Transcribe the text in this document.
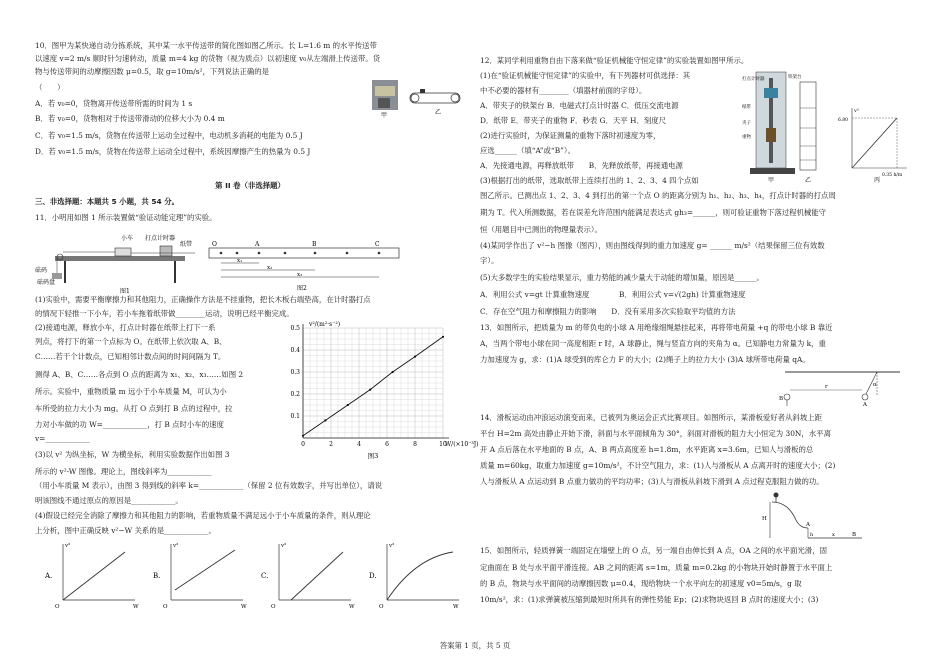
10．图甲为某快递自动分拣系统，其中某一水平传送带的简化图如图乙所示。长 L=1.6 m 的水平传送带

以速度 v=2 m/s 顺时针匀速转动，质量 m=4 kg 的货物（视为质点）以初速度 v₀从左端滑上传送带。货

物与传送带间的动摩擦因数 μ=0.5，取 g=10m/s²，下列说法正确的是

（　　）

A．若 v₀=0，货物离开传送带所需的时间为 1 s

B．若 v₀=0，货物相对于传送带滑动的位移大小为 0.4 m

C．若 v₀=1.5 m/s，货物在传送带上运动全过程中，电动机多消耗的电能为 0.5 J

D．若 v₀=1.5 m/s，货物在传送带上运动全过程中，系统因摩擦产生的热量为 0.5 J

甲	乙

第 II 卷（非选择题）

三、非选择题：本题共 5 小题，共 54 分。

11．小明用如图 1 所示装置做“验证动能定理”的实验。

小车 打点计时器
纸带
砝码
砝码盘
图1
O	A	B	C
x₁
x₂
x₃
图2

(1)实验中，需要平衡摩擦力和其他阻力，正确操作方法是不挂重物，把长木板右端垫高，在计时器打点

的情况下轻推一下小车，若小车拖着纸带做________运动，说明已经平衡完成。

(2)接通电源，释放小车，打点计时器在纸带上打下一系

列点，将打下的第一个点标为 O。在纸带上依次取 A、B、

C……若干个计数点，已知相邻计数点间的时间间隔为 T。

测得 A、B、C……各点到 O 点的距离为 x₁、x₂、x₃……如图 2

所示。实验中，重物质量 m 远小于小车质量 M，可认为小

车所受的拉力大小为 mg。从打 O 点到打 B 点的过程中，拉

力对小车做的功 W=____________，打 B 点时小车的速度

v=____________

(3)以 v² 为纵坐标，W 为横坐标，利用实验数据作出如图 3

所示的 v²-W 图像。理论上，图线斜率为____________

（用小车质量 M 表示），由图 3 得到线的斜率 k=____________（保留 2 位有效数字，并写出单位），请说

明该图线不通过原点的原因是____________。

(4)假设已经完全消除了摩擦力和其他阻力的影响，若重物质量不满足远小于小车质量的条件，则从理论

上分析，图中正确反映 v²−W 关系的是____________。

0	2	4	6	8	10
0.1
0.2
0.3
0.4
0.5
v²/(m²·s⁻²)
W/(×10⁻³J)
图3
A.
O	W
v²
B.
O	W
v²
C.
O	W
v²
D.
O	W
v²

12．某同学利用重物自由下落来做“验证机械能守恒定律”的实验装置如图甲所示。

(1)在“验证机械能守恒定律”的实验中，有下列器材可供选择：其

中不必要的器材有________（填器材前面的字母）。

A．带夹子的铁架台 B．电磁式打点计时器 C．低压交流电源

D．纸带 E．带夹子的重物 F．秒表 G．天平 H．刻度尺

(2)进行实验时，为保证测量的重物下落时初速度为零，

应选______（填“A”或“B”）。

A．先接通电源，再释放纸带　　B．先释放纸带，再接通电源

(3)根据打出的纸带，选取纸带上连续打出的 1、2、3、4 四个点如

图乙所示。已测出点 1、2、3、4 到打出的第一个点 O 的距离分别为 h₁、h₂、h₃、h₄，打点计时器的打点周

期为 T。代入所测数据，若在误差允许范围内能满足表达式 gh₃=______，则可验证重物下落过程机械能守

恒（用题目中已测出的物理量表示）。

(4)某同学作出了 v²−h 图像（图丙），则由图线得到的重力加速度 g= ______ m/s²（结果保留三位有效数

字）。

(5)大多数学生的实验结果显示，重力势能的减少量大于动能的增加量，原因是______。

A．利用公式 v=gt 计算重物速度　　　　B．利用公式 v=√(2gh) 计算重物速度

C．存在空气阻力和摩擦阻力的影响　　D．没有采用多次实验取平均值的方法

13．如图所示，把质量为 m 的带负电的小球 A 用绝缘细绳悬挂起来，再将带电荷量 +q 的带电小球 B 靠近

A，当两个带电小球在同一高度相距 r 时，A 球静止，绳与竖直方向的夹角为 α。已知静电力常量为 k，重

力加速度为 g，求：(1)A 球受到的库仑力 F 的大小；(2)绳子上的拉力大小 (3)A 球所带电荷量 qA。

打点计时器
纸带
夹子
重物
铁架台
甲	乙
v²
6.80
0.35 h/m
丙
A
B
r	α

14．滑板运动由冲浪运动演变而来，已被列为奥运会正式比赛项目。如图所示，某滑板爱好者从斜坡上距

平台 H=2m 高处由静止开始下滑，斜面与水平面倾角为 30°，斜面对滑板的阻力大小恒定为 30N，水平离

开 A 点后落在水平地面的 B 点，A、B 两点高度差 h=1.8m，水平距离 x=3.6m，已知人与滑板的总

质量 m=60kg，取重力加速度 g=10m/s²，不计空气阻力，求：(1)人与滑板从 A 点离开时的速度大小；(2)

人与滑板从 A 点运动到 B 点重力做功的平均功率；(3)人与滑板从斜坡下滑到 A 点过程克服阻力做的功。

H
A
h	B
x

15．如图所示，轻质弹簧一端固定在墙壁上的 O 点，另一端自由伸长到 A 点，OA 之间的水平面光滑，固

定曲面在 B 处与水平面平滑连接。AB 之间的距离 s=1m，质量 m=0.2kg 的小物块开始时静置于水平面上

的 B 点，物块与水平面间的动摩擦因数 μ=0.4，现给物块一个水平向左的初速度 v0=5m/s，g 取

10m/s²，求：(1)求弹簧被压缩到最短时所具有的弹性势能 Ep；(2)求物块返回 B 点时的速度大小；(3)

答案第 1 页，共 5 页
